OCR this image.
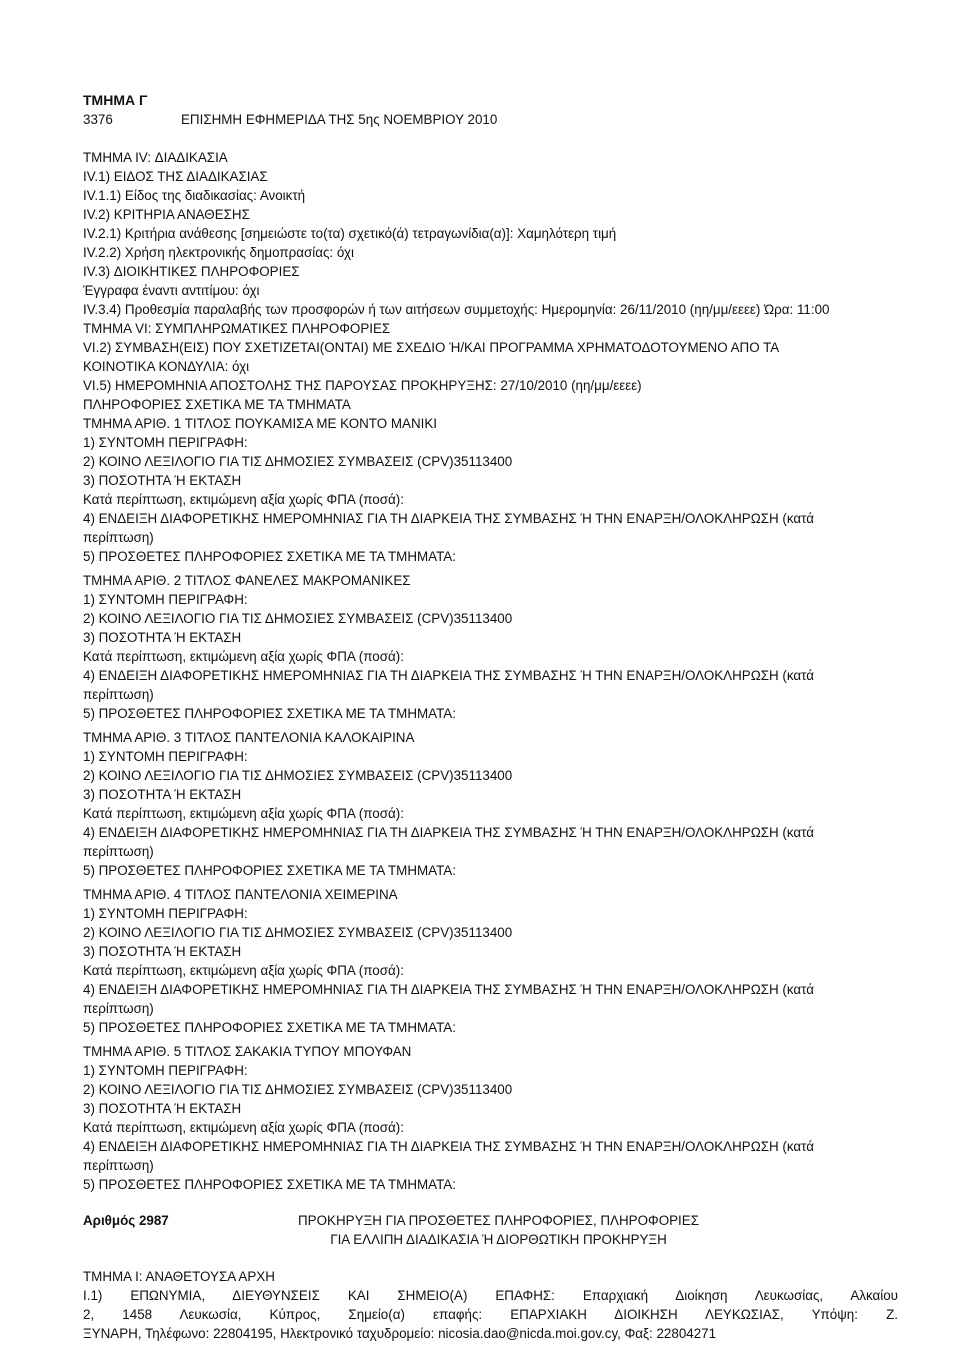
ΤΜΗΜΑ Γ
3376	ΕΠΙΣΗΜΗ ΕΦΗΜΕΡΙΔΑ ΤΗΣ 5ης ΝΟΕΜΒΡΙΟΥ 2010
ΤΜΗΜΑ IV: ΔΙΑΔΙΚΑΣΙΑ
IV.1) ΕΙΔΟΣ ΤΗΣ ΔΙΑΔΙΚΑΣΙΑΣ
IV.1.1) Είδος της διαδικασίας: Ανοικτή
IV.2) ΚΡΙΤΗΡΙΑ ΑΝΑΘΕΣΗΣ
IV.2.1) Κριτήρια ανάθεσης [σημειώστε το(τα) σχετικό(ά) τετραγωνίδια(α)]: Χαμηλότερη τιμή
IV.2.2) Χρήση ηλεκτρονικής δημοπρασίας: όχι
IV.3) ΔΙΟΙΚΗΤΙΚΕΣ ΠΛΗΡΟΦΟΡΙΕΣ
Έγγραφα έναντι αντιτίμου: όχι
IV.3.4) Προθεσμία παραλαβής των προσφορών ή των αιτήσεων συμμετοχής: Ημερομηνία: 26/11/2010 (ηη/μμ/εεεε) Ώρα: 11:00
ΤΜΗΜΑ VI: ΣΥΜΠΛΗΡΩΜΑΤΙΚΕΣ ΠΛΗΡΟΦΟΡΙΕΣ
VI.2) ΣΥΜΒΑΣΗ(ΕΙΣ) ΠΟΥ ΣΧΕΤΙΖΕΤΑΙ(ΟΝΤΑΙ) ΜΕ ΣΧΕΔΙΟ Ή/ΚΑΙ ΠΡΟΓΡΑΜΜΑ ΧΡΗΜΑΤΟΔΟΤΟΥΜΕΝΟ ΑΠΟ ΤΑ
ΚΟΙΝΟΤΙΚΑ ΚΟΝΔΥΛΙΑ: όχι
VI.5) ΗΜΕΡΟΜΗΝΙΑ ΑΠΟΣΤΟΛΗΣ ΤΗΣ ΠΑΡΟΥΣΑΣ ΠΡΟΚΗΡΥΞΗΣ: 27/10/2010 (ηη/μμ/εεεε)
ΠΛΗΡΟΦΟΡΙΕΣ ΣΧΕΤΙΚΑ ΜΕ ΤΑ ΤΜΗΜΑΤΑ
ΤΜΗΜΑ ΑΡΙΘ. 1 ΤΙΤΛΟΣ ΠΟΥΚΑΜΙΣΑ ΜΕ ΚΟΝΤΟ ΜΑΝΙΚΙ
1) ΣΥΝΤΟΜΗ ΠΕΡΙΓΡΑΦΗ:
2) ΚΟΙΝΟ ΛΕΞΙΛΟΓΙΟ ΓΙΑ ΤΙΣ ΔΗΜΟΣΙΕΣ ΣΥΜΒΑΣΕΙΣ (CPV)35113400
3) ΠΟΣΟΤΗΤΑ Ή ΕΚΤΑΣΗ
Κατά περίπτωση, εκτιμώμενη αξία χωρίς ΦΠΑ (ποσά):
4) ΕΝΔΕΙΞΗ ΔΙΑΦΟΡΕΤΙΚΗΣ ΗΜΕΡΟΜΗΝΙΑΣ ΓΙΑ ΤΗ ΔΙΑΡΚΕΙΑ ΤΗΣ ΣΥΜΒΑΣΗΣ Ή ΤΗΝ ΕΝΑΡΞΗ/ΟΛΟΚΛΗΡΩΣΗ (κατά
περίπτωση)
5) ΠΡΟΣΘΕΤΕΣ ΠΛΗΡΟΦΟΡΙΕΣ ΣΧΕΤΙΚΑ ΜΕ ΤΑ ΤΜΗΜΑΤΑ:
ΤΜΗΜΑ ΑΡΙΘ. 2 ΤΙΤΛΟΣ ΦΑΝΕΛΕΣ ΜΑΚΡΟΜΑΝΙΚΕΣ
1) ΣΥΝΤΟΜΗ ΠΕΡΙΓΡΑΦΗ:
2) ΚΟΙΝΟ ΛΕΞΙΛΟΓΙΟ ΓΙΑ ΤΙΣ ΔΗΜΟΣΙΕΣ ΣΥΜΒΑΣΕΙΣ (CPV)35113400
3) ΠΟΣΟΤΗΤΑ Ή ΕΚΤΑΣΗ
Κατά περίπτωση, εκτιμώμενη αξία χωρίς ΦΠΑ (ποσά):
4) ΕΝΔΕΙΞΗ ΔΙΑΦΟΡΕΤΙΚΗΣ ΗΜΕΡΟΜΗΝΙΑΣ ΓΙΑ ΤΗ ΔΙΑΡΚΕΙΑ ΤΗΣ ΣΥΜΒΑΣΗΣ Ή ΤΗΝ ΕΝΑΡΞΗ/ΟΛΟΚΛΗΡΩΣΗ (κατά
περίπτωση)
5) ΠΡΟΣΘΕΤΕΣ ΠΛΗΡΟΦΟΡΙΕΣ ΣΧΕΤΙΚΑ ΜΕ ΤΑ ΤΜΗΜΑΤΑ:
ΤΜΗΜΑ ΑΡΙΘ. 3 ΤΙΤΛΟΣ ΠΑΝΤΕΛΟΝΙΑ ΚΑΛΟΚΑΙΡΙΝΑ
1) ΣΥΝΤΟΜΗ ΠΕΡΙΓΡΑΦΗ:
2) ΚΟΙΝΟ ΛΕΞΙΛΟΓΙΟ ΓΙΑ ΤΙΣ ΔΗΜΟΣΙΕΣ ΣΥΜΒΑΣΕΙΣ (CPV)35113400
3) ΠΟΣΟΤΗΤΑ Ή ΕΚΤΑΣΗ
Κατά περίπτωση, εκτιμώμενη αξία χωρίς ΦΠΑ (ποσά):
4) ΕΝΔΕΙΞΗ ΔΙΑΦΟΡΕΤΙΚΗΣ ΗΜΕΡΟΜΗΝΙΑΣ ΓΙΑ ΤΗ ΔΙΑΡΚΕΙΑ ΤΗΣ ΣΥΜΒΑΣΗΣ Ή ΤΗΝ ΕΝΑΡΞΗ/ΟΛΟΚΛΗΡΩΣΗ (κατά
περίπτωση)
5) ΠΡΟΣΘΕΤΕΣ ΠΛΗΡΟΦΟΡΙΕΣ ΣΧΕΤΙΚΑ ΜΕ ΤΑ ΤΜΗΜΑΤΑ:
ΤΜΗΜΑ ΑΡΙΘ. 4 ΤΙΤΛΟΣ ΠΑΝΤΕΛΟΝΙΑ ΧΕΙΜΕΡΙΝΑ
1) ΣΥΝΤΟΜΗ ΠΕΡΙΓΡΑΦΗ:
2) ΚΟΙΝΟ ΛΕΞΙΛΟΓΙΟ ΓΙΑ ΤΙΣ ΔΗΜΟΣΙΕΣ ΣΥΜΒΑΣΕΙΣ (CPV)35113400
3) ΠΟΣΟΤΗΤΑ Ή ΕΚΤΑΣΗ
Κατά περίπτωση, εκτιμώμενη αξία χωρίς ΦΠΑ (ποσά):
4) ΕΝΔΕΙΞΗ ΔΙΑΦΟΡΕΤΙΚΗΣ ΗΜΕΡΟΜΗΝΙΑΣ ΓΙΑ ΤΗ ΔΙΑΡΚΕΙΑ ΤΗΣ ΣΥΜΒΑΣΗΣ Ή ΤΗΝ ΕΝΑΡΞΗ/ΟΛΟΚΛΗΡΩΣΗ (κατά
περίπτωση)
5) ΠΡΟΣΘΕΤΕΣ ΠΛΗΡΟΦΟΡΙΕΣ ΣΧΕΤΙΚΑ ΜΕ ΤΑ ΤΜΗΜΑΤΑ:
ΤΜΗΜΑ ΑΡΙΘ. 5 ΤΙΤΛΟΣ ΣΑΚΑΚΙΑ ΤΥΠΟΥ ΜΠΟΥΦΑΝ
1) ΣΥΝΤΟΜΗ ΠΕΡΙΓΡΑΦΗ:
2) ΚΟΙΝΟ ΛΕΞΙΛΟΓΙΟ ΓΙΑ ΤΙΣ ΔΗΜΟΣΙΕΣ ΣΥΜΒΑΣΕΙΣ (CPV)35113400
3) ΠΟΣΟΤΗΤΑ Ή ΕΚΤΑΣΗ
Κατά περίπτωση, εκτιμώμενη αξία χωρίς ΦΠΑ (ποσά):
4) ΕΝΔΕΙΞΗ ΔΙΑΦΟΡΕΤΙΚΗΣ ΗΜΕΡΟΜΗΝΙΑΣ ΓΙΑ ΤΗ ΔΙΑΡΚΕΙΑ ΤΗΣ ΣΥΜΒΑΣΗΣ Ή ΤΗΝ ΕΝΑΡΞΗ/ΟΛΟΚΛΗΡΩΣΗ (κατά
περίπτωση)
5) ΠΡΟΣΘΕΤΕΣ ΠΛΗΡΟΦΟΡΙΕΣ ΣΧΕΤΙΚΑ ΜΕ ΤΑ ΤΜΗΜΑΤΑ:
Αριθμός 2987	ΠΡΟΚΗΡΥΞΗ ΓΙΑ ΠΡΟΣΘΕΤΕΣ ΠΛΗΡΟΦΟΡΙΕΣ, ΠΛΗΡΟΦΟΡΙΕΣ
ΓΙΑ ΕΛΛΙΠΗ ΔΙΑΔΙΚΑΣΙΑ Ή ΔΙΟΡΘΩΤΙΚΗ ΠΡΟΚΗΡΥΞΗ
ΤΜΗΜΑ Ι: ΑΝΑΘΕΤΟΥΣΑ ΑΡΧΗ
I.1) ΕΠΩΝΥΜΙΑ, ΔΙΕΥΘΥΝΣΕΙΣ ΚΑΙ ΣΗΜΕΙΟ(Α) ΕΠΑΦΗΣ: Επαρχιακή Διοίκηση Λευκωσίας, Αλκαίου
2, 1458 Λευκωσία, Κύπρος, Σημείο(α) επαφής: ΕΠΑΡΧΙΑΚΗ ΔΙΟΙΚΗΣΗ ΛΕΥΚΩΣΙΑΣ, Υπόψη: Ζ.
ΞΥΝΑΡΗ, Τηλέφωνο: 22804195, Ηλεκτρονικό ταχυδρομείο: nicosia.dao@nicda.moi.gov.cy, Φαξ: 22804271
